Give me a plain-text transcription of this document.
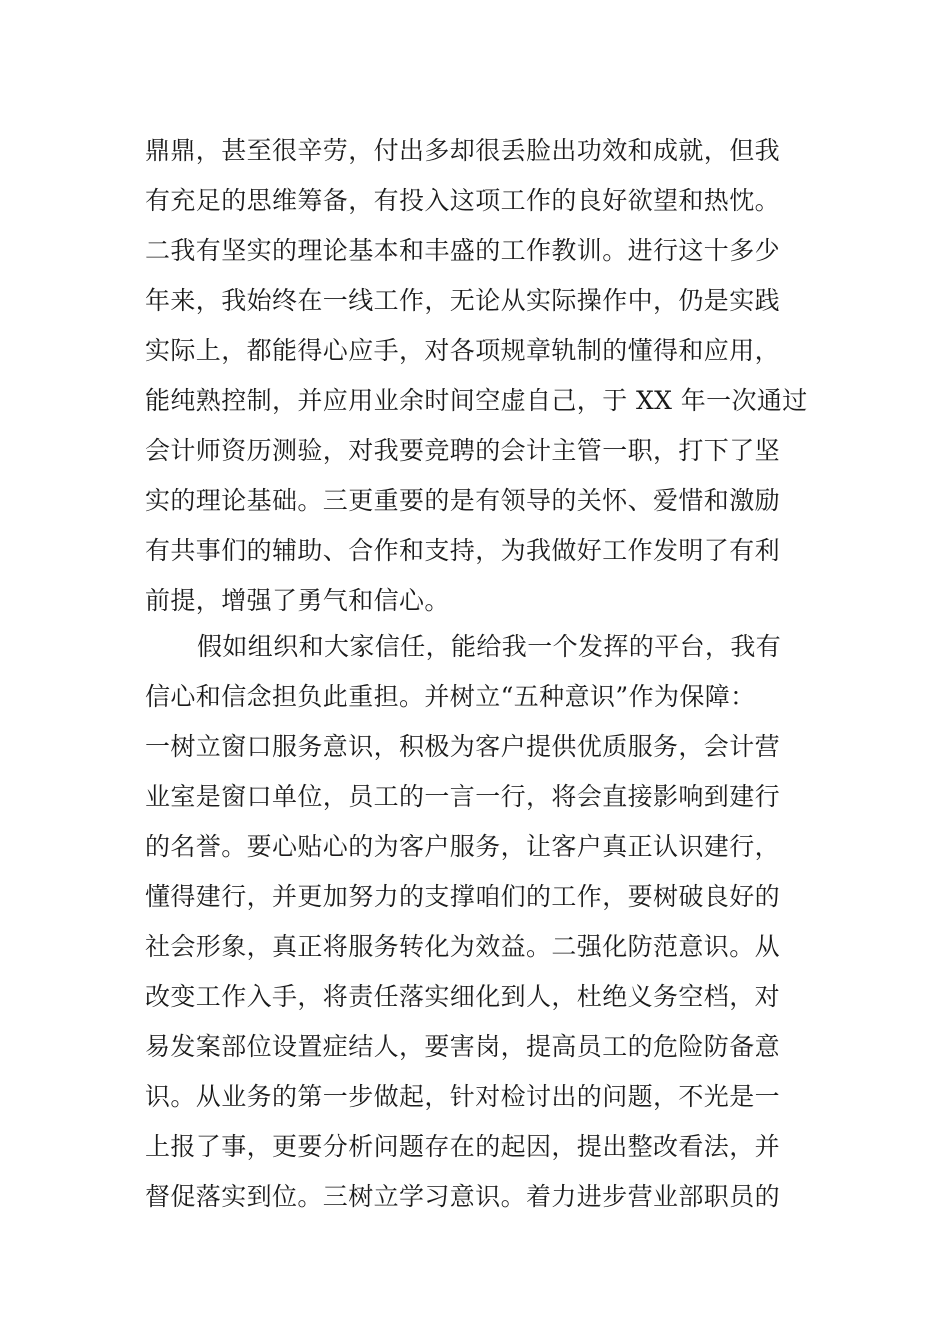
鼎鼎，甚至很辛劳，付出多却很丢脸出功效和成就，但我
有充足的思维筹备，有投入这项工作的良好欲望和热忱。
二我有坚实的理论基本和丰盛的工作教训。进行这十多少
年来，我始终在一线工作，无论从实际操作中，仍是实践
实际上，都能得心应手，对各项规章轨制的懂得和应用，
能纯熟控制，并应用业余时间空虚自己，于 XX 年一次通过
会计师资历测验，对我要竞聘的会计主管一职，打下了坚
实的理论基础。三更重要的是有领导的关怀、爱惜和激励
有共事们的辅助、合作和支持，为我做好工作发明了有利
前提，增强了勇气和信心。
假如组织和大家信任，能给我一个发挥的平台，我有
信心和信念担负此重担。并树立“五种意识”作为保障：
一树立窗口服务意识，积极为客户提供优质服务，会计营
业室是窗口单位，员工的一言一行，将会直接影响到建行
的名誉。要心贴心的为客户服务，让客户真正认识建行，
懂得建行，并更加努力的支撑咱们的工作，要树破良好的
社会形象，真正将服务转化为效益。二强化防范意识。从
改变工作入手，将责任落实细化到人，杜绝义务空档，对
易发案部位设置症结人，要害岗，提高员工的危险防备意
识。从业务的第一步做起，针对检讨出的问题，不光是一
上报了事，更要分析问题存在的起因，提出整改看法，并
督促落实到位。三树立学习意识。着力进步营业部职员的
